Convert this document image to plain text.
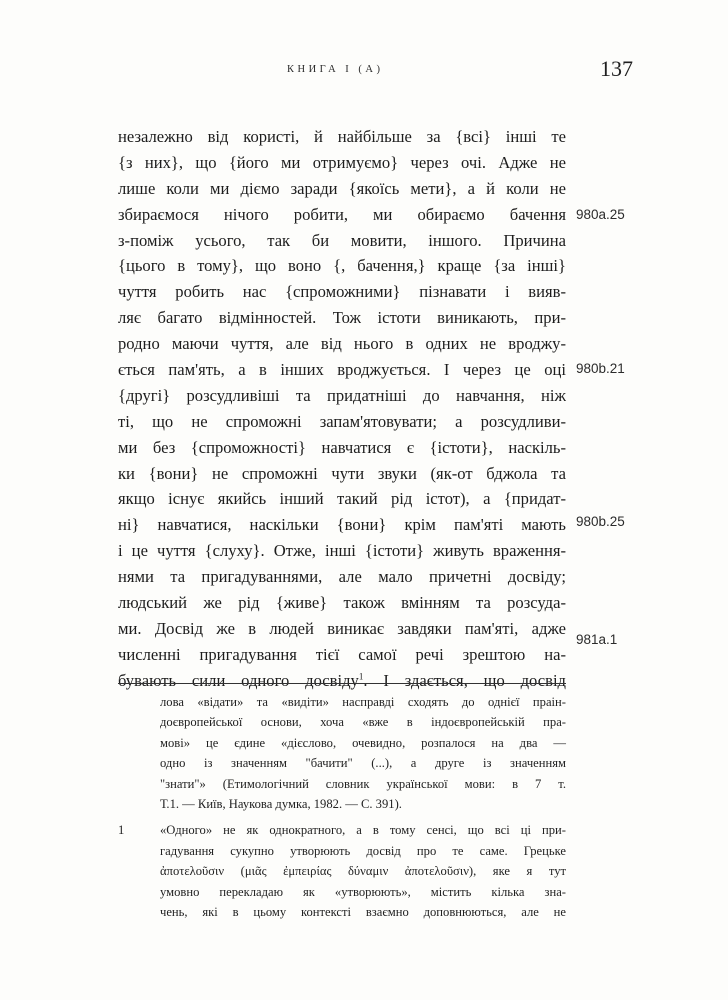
КНИГА І (А)	137
незалежно від користі, й найбільше за {всі} інші те
{з них}, що {його ми отримуємо} через очі. Адже не
лише коли ми діємо заради {якоїсь мети}, а й коли не
збираємося нічого робити, ми обираємо бачення
з-поміж усього, так би мовити, іншого. Причина
{цього в тому}, що воно {, бачення,} краще {за інші}
чуття робить нас {спроможними} пізнавати і вияв-
ляє багато відмінностей. Тож істоти виникають, при-
родно маючи чуття, але від нього в одних не вроджу-
ється пам'ять, а в інших вроджується. І через це оці
{другі} розсудливіші та придатніші до навчання, ніж
ті, що не спроможні запам'ятовувати; а розсудливи-
ми без {спроможності} навчатися є {істоти}, наскіль-
ки {вони} не спроможні чути звуки (як-от бджола та
якщо існує якийсь інший такий рід істот), а {придат-
ні} навчатися, наскільки {вони} крім пам'яті мають
і це чуття {слуху}. Отже, інші {істоти} живуть враження-
нями та пригадуваннями, але мало причетні досвіду;
людський же рід {живе} також вмінням та розсуда-
ми. Досвід же в людей виникає завдяки пам'яті, адже
численні пригадування тієї самої речі зрештою на-
бувають сили одного досвіду$^1$. І здається, що досвід
980a.25
980b.21
980b.25
981a.1
лова «відати» та «видіти» насправді сходять до однієї праін-
доєвропейської основи, хоча «вже в індоєвропейській пра-
мові» це єдине «дієслово, очевидно, розпалося на два —
одно із значенням "бачити" (...), а друге із значенням
"знати"» (Етимологічний словник української мови: в 7 т.
Т.1. — Київ, Наукова думка, 1982. — С. 391).
1	«Одного» не як однократного, а в тому сенсі, що всі ці при-
гадування сукупно утворюють досвід про те саме. Грецьке
ἀποτελοῦσιν (μιᾶς ἐμπειρίας δύναμιν ἀποτελοῦσιν), яке я тут
умовно перекладаю як «утворюють», містить кілька зна-
чень, які в цьому контексті взаємно доповнюються, але не
